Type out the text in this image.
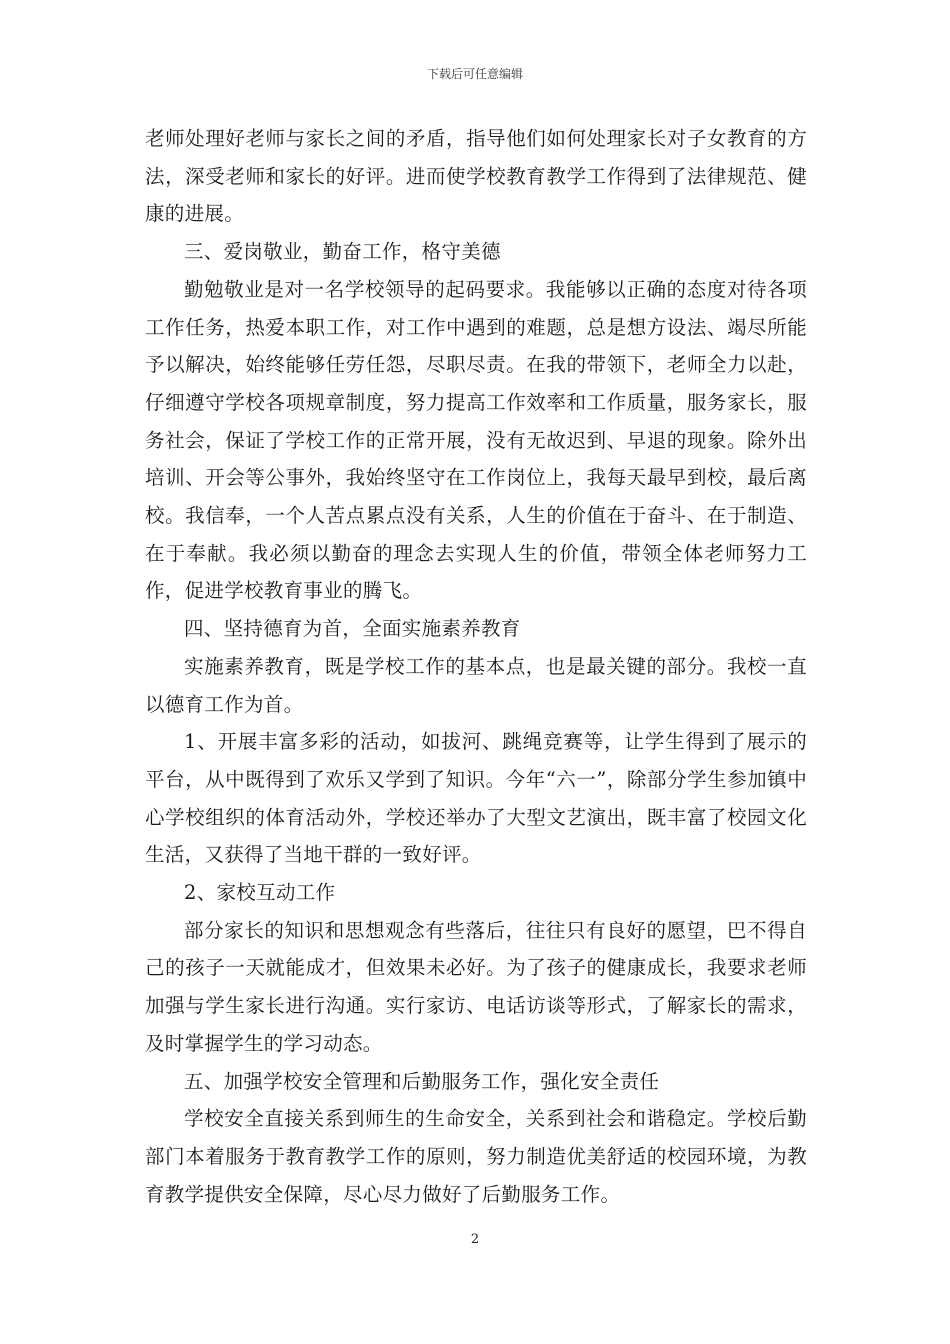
下载后可任意编辑

老师处理好老师与家长之间的矛盾，指导他们如何处理家长对子女教育的方法，深受老师和家长的好评。进而使学校教育教学工作得到了法律规范、健康的进展。

三、爱岗敬业，勤奋工作，格守美德

勤勉敬业是对一名学校领导的起码要求。我能够以正确的态度对待各项工作任务，热爱本职工作，对工作中遇到的难题，总是想方设法、竭尽所能予以解决，始终能够任劳任怨，尽职尽责。在我的带领下，老师全力以赴，仔细遵守学校各项规章制度，努力提高工作效率和工作质量，服务家长，服务社会，保证了学校工作的正常开展，没有无故迟到、早退的现象。除外出培训、开会等公事外，我始终坚守在工作岗位上，我每天最早到校，最后离校。我信奉，一个人苦点累点没有关系，人生的价值在于奋斗、在于制造、在于奉献。我必须以勤奋的理念去实现人生的价值，带领全体老师努力工作，促进学校教育事业的腾飞。

四、坚持德育为首，全面实施素养教育

实施素养教育，既是学校工作的基本点，也是最关键的部分。我校一直以德育工作为首。

1、开展丰富多彩的活动，如拔河、跳绳竞赛等，让学生得到了展示的平台，从中既得到了欢乐又学到了知识。今年“六一”，除部分学生参加镇中心学校组织的体育活动外，学校还举办了大型文艺演出，既丰富了校园文化生活，又获得了当地干群的一致好评。

2、家校互动工作

部分家长的知识和思想观念有些落后，往往只有良好的愿望，巴不得自己的孩子一天就能成才，但效果未必好。为了孩子的健康成长，我要求老师加强与学生家长进行沟通。实行家访、电话访谈等形式，了解家长的需求，及时掌握学生的学习动态。

五、加强学校安全管理和后勤服务工作，强化安全责任

学校安全直接关系到师生的生命安全，关系到社会和谐稳定。学校后勤部门本着服务于教育教学工作的原则，努力制造优美舒适的校园环境，为教育教学提供安全保障，尽心尽力做好了后勤服务工作。

2
